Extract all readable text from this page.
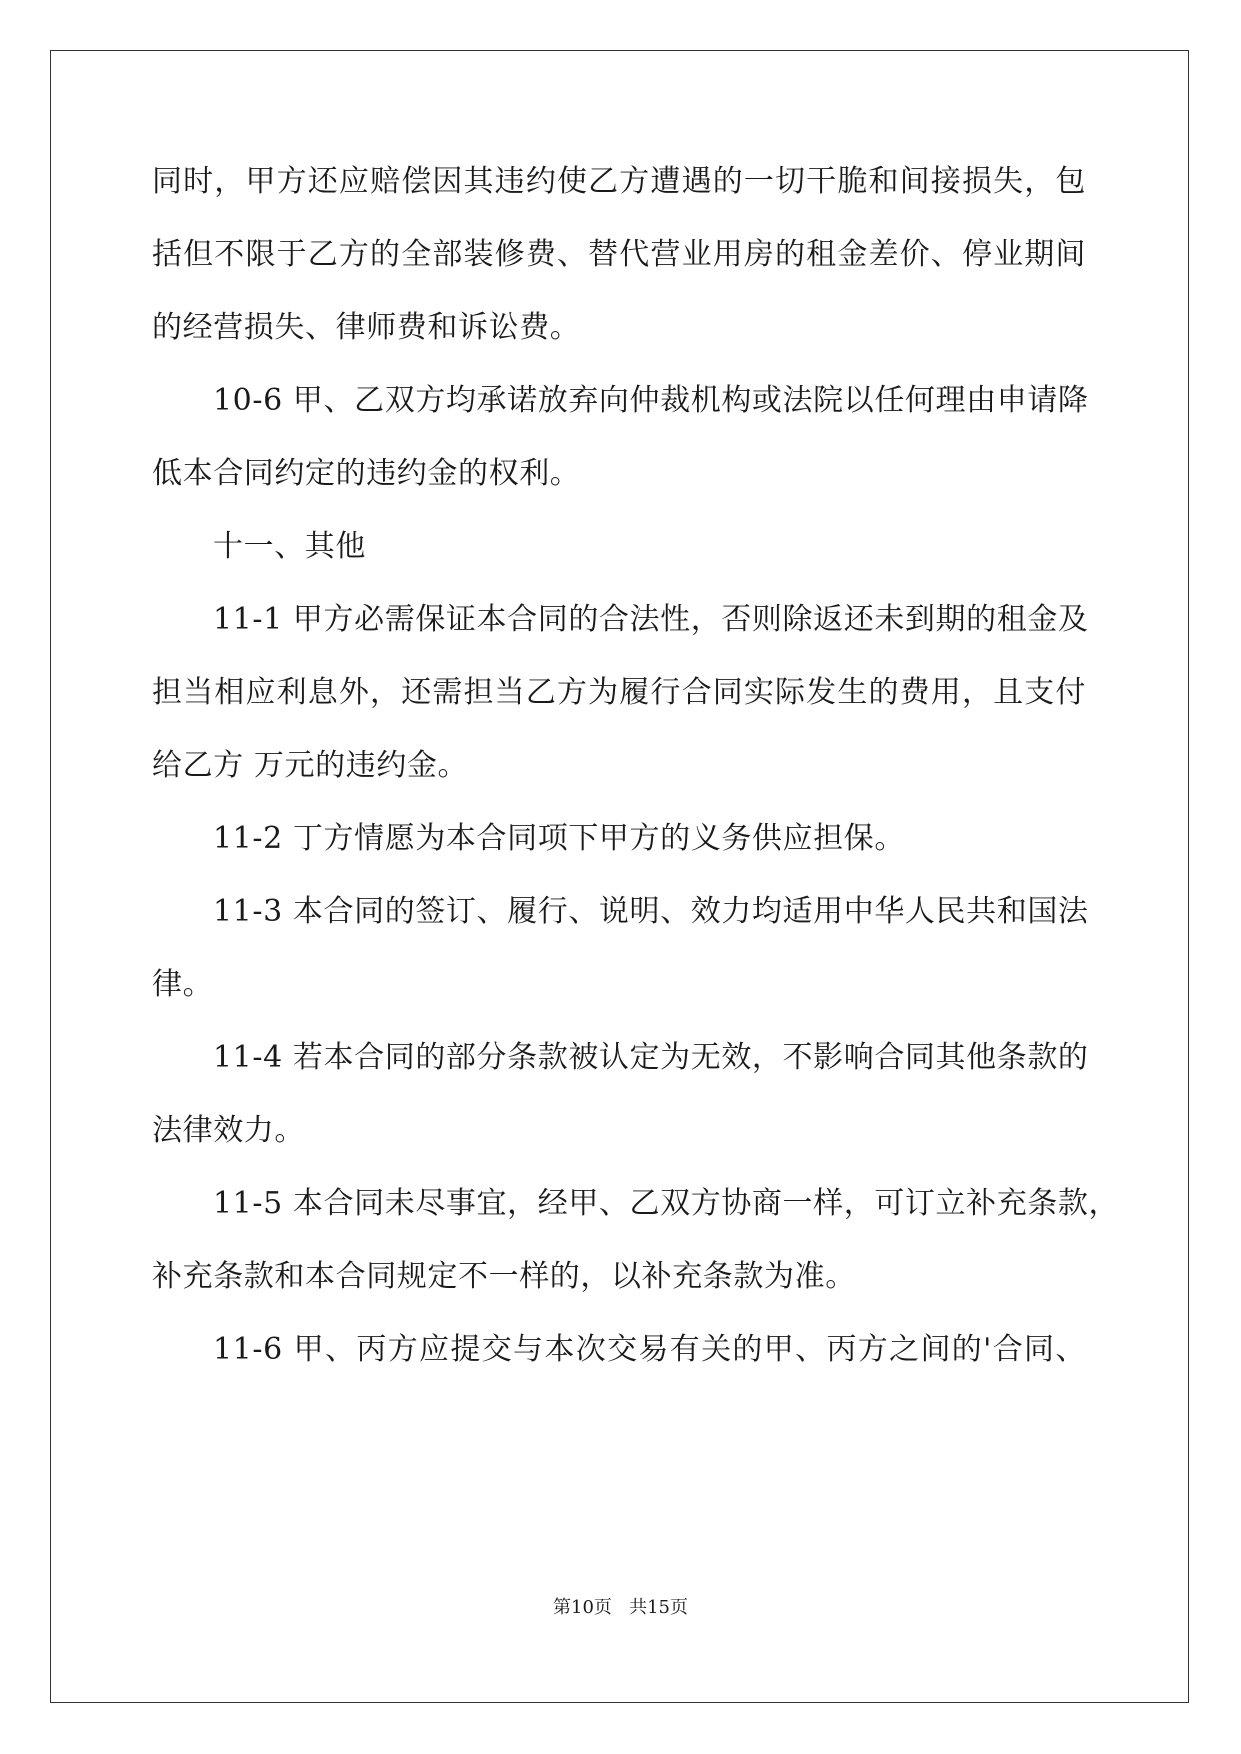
同时，甲方还应赔偿因其违约使乙方遭遇的一切干脆和间接损失，包
括但不限于乙方的全部装修费、替代营业用房的租金差价、停业期间
的经营损失、律师费和诉讼费。
10-6 甲、乙双方均承诺放弃向仲裁机构或法院以任何理由申请降
低本合同约定的违约金的权利。
十一、其他
11-1 甲方必需保证本合同的合法性，否则除返还未到期的租金及
担当相应利息外，还需担当乙方为履行合同实际发生的费用，且支付
给乙方 万元的违约金。
11-2 丁方情愿为本合同项下甲方的义务供应担保。
11-3 本合同的签订、履行、说明、效力均适用中华人民共和国法
律。
11-4 若本合同的部分条款被认定为无效，不影响合同其他条款的
法律效力。
11-5 本合同未尽事宜，经甲、乙双方协商一样，可订立补充条款，
补充条款和本合同规定不一样的，以补充条款为准。
11-6 甲、丙方应提交与本次交易有关的甲、丙方之间的'合同、
第10页   共15页
